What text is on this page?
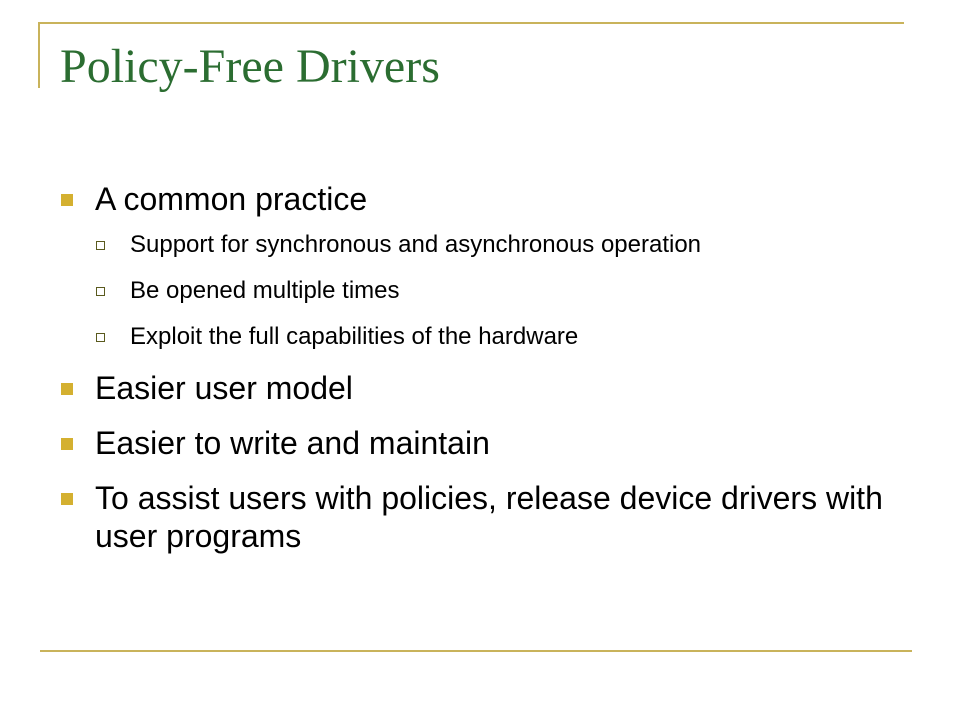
Policy-Free Drivers
A common practice
Support for synchronous and asynchronous operation
Be opened multiple times
Exploit the full capabilities of the hardware
Easier user model
Easier to write and maintain
To assist users with policies, release device drivers with user programs
